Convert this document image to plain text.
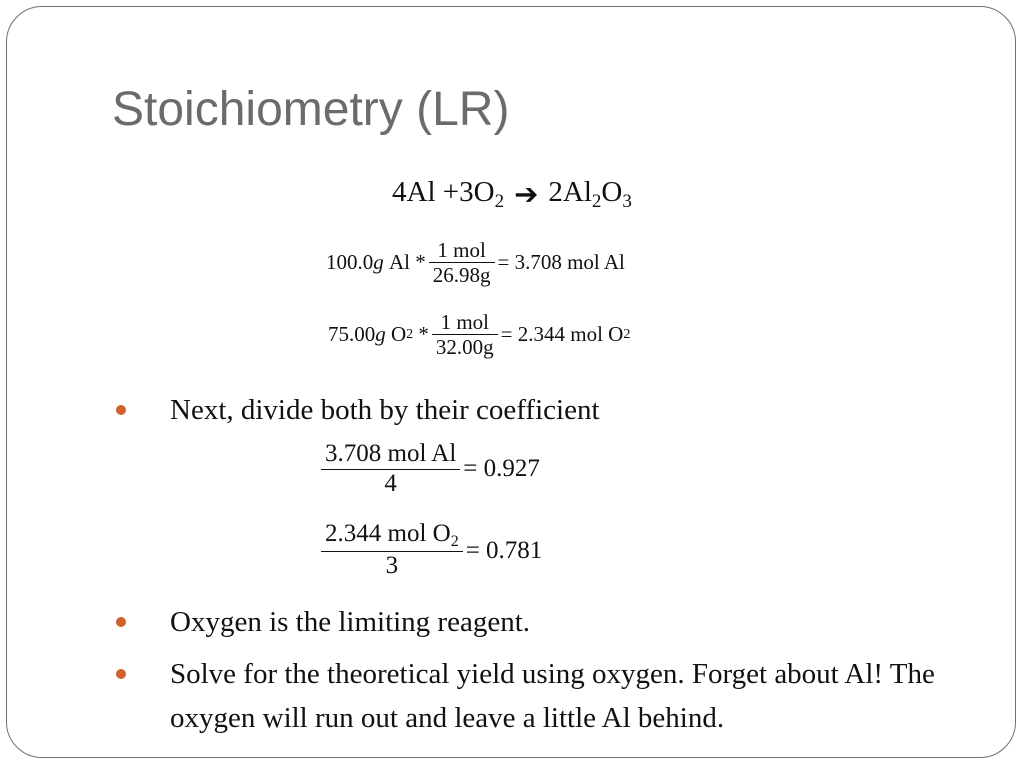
Stoichiometry (LR)
$4Al +3O_2$ ➔ $2Al_2O_3$
100.0 g
$Al * \frac{\text{1 mol}}{26.98g} = 3.708$ mol Al
75.00 g
O 2
* $\frac{\text{1 mol}}{32.00g} = 2.344$ mol O 2
Next, divide both by their coefficient
$\frac{\text{3.708 mol Al}}{4} = 0.927$
$\frac{2.344 mol O_2}{3} = 0.781$
Oxygen is the limiting reagent.
Solve for the theoretical yield using oxygen. Forget about Al! The oxygen will run out and leave a little Al behind.
